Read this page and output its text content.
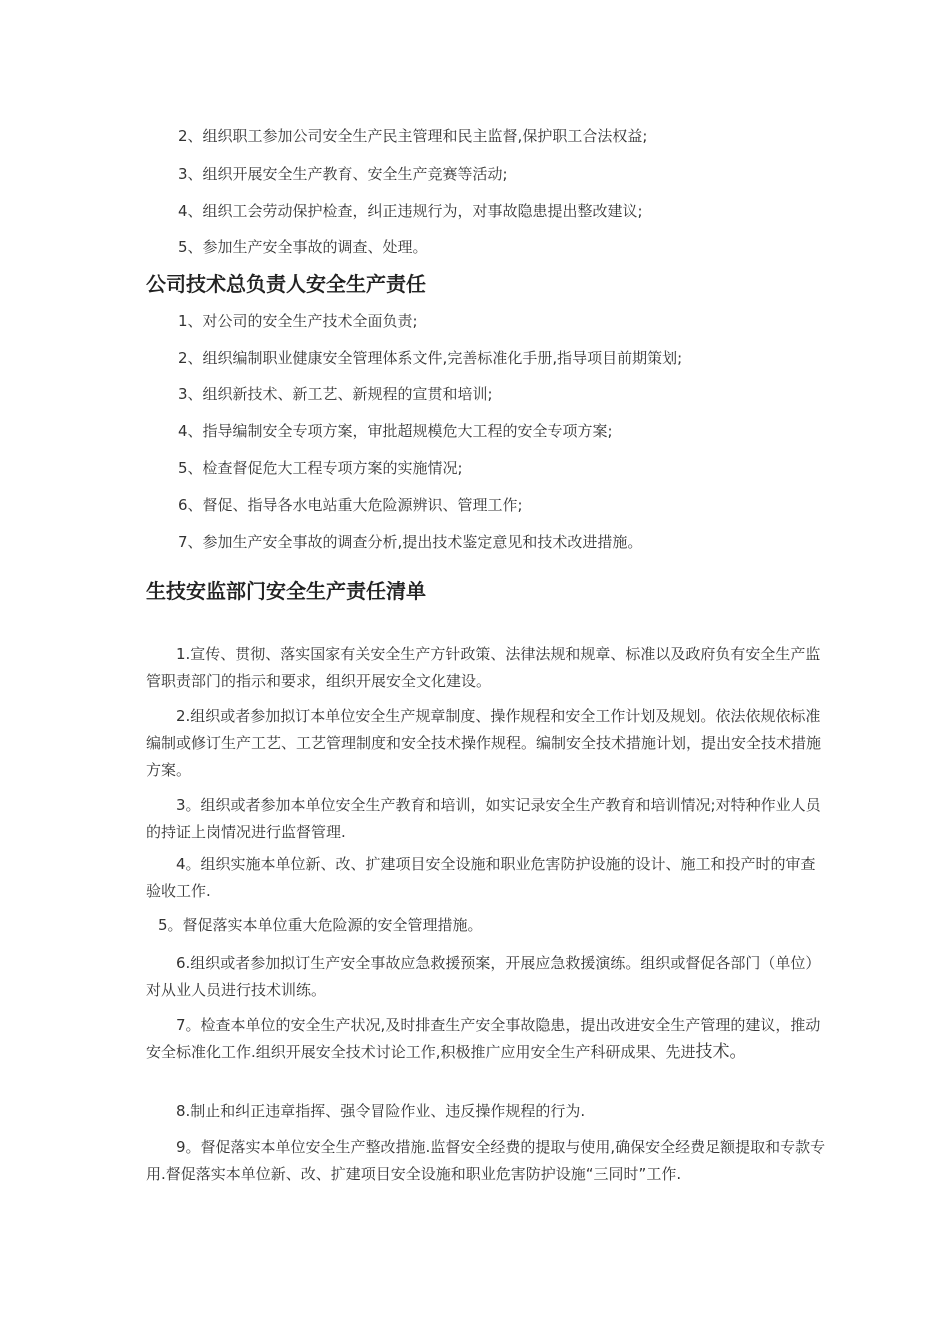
2、组织职工参加公司安全生产民主管理和民主监督,保护职工合法权益;

3、组织开展安全生产教育、安全生产竞赛等活动;

4、组织工会劳动保护检查，纠正违规行为，对事故隐患提出整改建议;

5、参加生产安全事故的调查、处理。

公司技术总负责人安全生产责任

1、对公司的安全生产技术全面负责;

2、组织编制职业健康安全管理体系文件,完善标准化手册,指导项目前期策划;

3、组织新技术、新工艺、新规程的宣贯和培训;

4、指导编制安全专项方案，审批超规模危大工程的安全专项方案;

5、检查督促危大工程专项方案的实施情况;

6、督促、指导各水电站重大危险源辨识、管理工作;

7、参加生产安全事故的调查分析,提出技术鉴定意见和技术改进措施。

生技安监部门安全生产责任清单

1.宣传、贯彻、落实国家有关安全生产方针政策、法律法规和规章、标准以及政府负有安全生产监管职责部门的指示和要求，组织开展安全文化建设。

2.组织或者参加拟订本单位安全生产规章制度、操作规程和安全工作计划及规划。依法依规依标准编制或修订生产工艺、工艺管理制度和安全技术操作规程。编制安全技术措施计划，提出安全技术措施方案。

3。组织或者参加本单位安全生产教育和培训，如实记录安全生产教育和培训情况;对特种作业人员的持证上岗情况进行监督管理.

4。组织实施本单位新、改、扩建项目安全设施和职业危害防护设施的设计、施工和投产时的审查验收工作.

5。督促落实本单位重大危险源的安全管理措施。

6.组织或者参加拟订生产安全事故应急救援预案，开展应急救援演练。组织或督促各部门（单位）对从业人员进行技术训练。

7。检查本单位的安全生产状况,及时排查生产安全事故隐患，提出改进安全生产管理的建议，推动安全标准化工作.组织开展安全技术讨论工作,积极推广应用安全生产科研成果、先进技术。

8.制止和纠正违章指挥、强令冒险作业、违反操作规程的行为.

9。督促落实本单位安全生产整改措施.监督安全经费的提取与使用,确保安全经费足额提取和专款专用.督促落实本单位新、改、扩建项目安全设施和职业危害防护设施“三同时”工作.
